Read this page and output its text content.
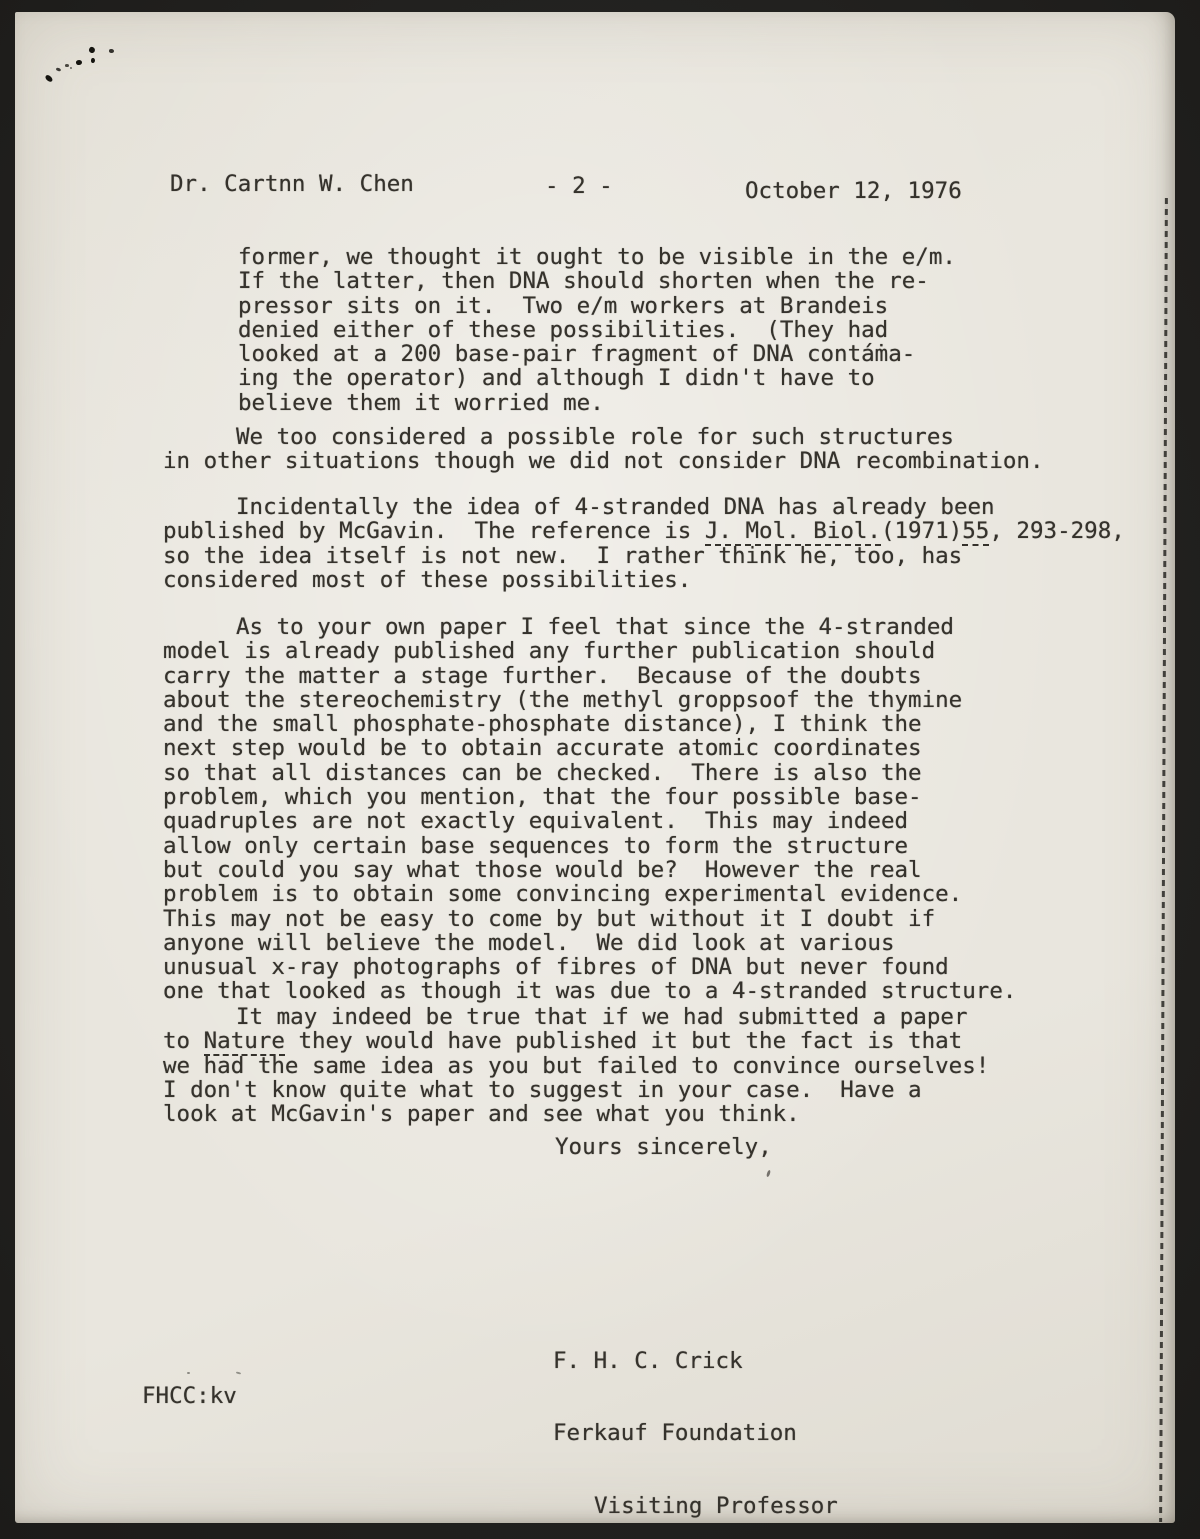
Dr. Cartnn W. Chen	- 2 -	October 12, 1976
former, we thought it ought to be visible in the e/m.
If the latter, then DNA should shorten when the re-
pressor sits on it.  Two e/m workers at Brandeis
denied either of these possibilities.  (They had
looked at a 200 base-pair fragment of DNA contáṁa-
ing the operator) and although I didn't have to
believe them it worried me.
We too considered a possible role for such structures
in other situations though we did not consider DNA recombination.
Incidentally the idea of 4-stranded DNA has already been
published by McGavin.  The reference is J. Mol. Biol.(1971)55, 293-298,
so the idea itself is not new.  I rather think he, too, has
considered most of these possibilities.
As to your own paper I feel that since the 4-stranded
model is already published any further publication should
carry the matter a stage further.  Because of the doubts
about the stereochemistry (the methyl groppsoof the thymine
and the small phosphate-phosphate distance), I think the
next step would be to obtain accurate atomic coordinates
so that all distances can be checked.  There is also the
problem, which you mention, that the four possible base-
quadruples are not exactly equivalent.  This may indeed
allow only certain base sequences to form the structure
but could you say what those would be?  However the real
problem is to obtain some convincing experimental evidence.
This may not be easy to come by but without it I doubt if
anyone will believe the model.  We did look at various
unusual x-ray photographs of fibres of DNA but never found
one that looked as though it was due to a 4-stranded structure.
It may indeed be true that if we had submitted a paper
to Nature they would have published it but the fact is that
we had the same idea as you but failed to convince ourselves!
I don't know quite what to suggest in your case.  Have a
look at McGavin's paper and see what you think.
Yours sincerely,

F. H. C. Crick

Ferkauf Foundation

Visiting Professor

FHCC:kv
